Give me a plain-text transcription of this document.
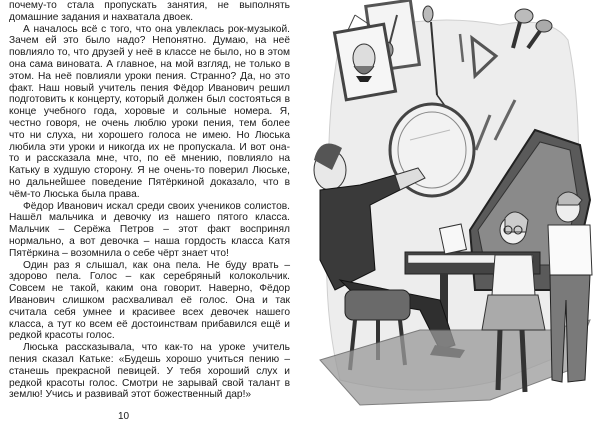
почему-то стала пропускать занятия, не выполнять домашние задания и нахватала двоек.

А началось всё с того, что она увлеклась рок-музыкой. Зачем ей это было надо? Непонятно. Думаю, на неё повлияло то, что друзей у неё в классе не было, но в этом она сама виновата. А главное, на мой взгляд, не только в этом. На неё повлияли уроки пения. Странно? Да, но это факт. Наш новый учитель пения Фёдор Иванович решил подготовить к концерту, который должен был состояться в конце учебного года, хоровые и сольные номера. Я, честно говоря, не очень люблю уроки пения, тем более что ни слуха, ни хорошего голоса не имею. Но Люська любила эти уроки и никогда их не пропускала. И вот она-то и рассказала мне, что, по её мнению, повлияло на Катьку в худшую сторону. Я не очень-то поверил Люське, но дальнейшее поведение Пятёркиной доказало, что в чём-то Люська была права.

Фёдор Иванович искал среди своих учеников солистов. Нашёл мальчика и девочку из нашего пятого класса. Мальчик – Серёжа Петров – этот факт воспринял нормально, а вот девочка – наша гордость класса Катя Пятёркина – возомнила о себе чёрт знает что!

Один раз я слышал, как она пела. Не буду врать – здорово пела. Голос – как серебряный колокольчик. Совсем не такой, каким она говорит. Наверно, Фёдор Иванович слишком расхваливал её голос. Она и так считала себя умнее и красивее всех девочек нашего класса, а тут ко всем её достоинствам прибавился ещё и редкой красоты голос.

Люська рассказывала, что как-то на уроке учитель пения сказал Катьке: «Будешь хорошо учиться пению – станешь прекрасной певицей. У тебя хороший слух и редкой красоты голос. Смотри не зарывай свой талант в землю! Учись и развивай этот божественный дар!»

10
